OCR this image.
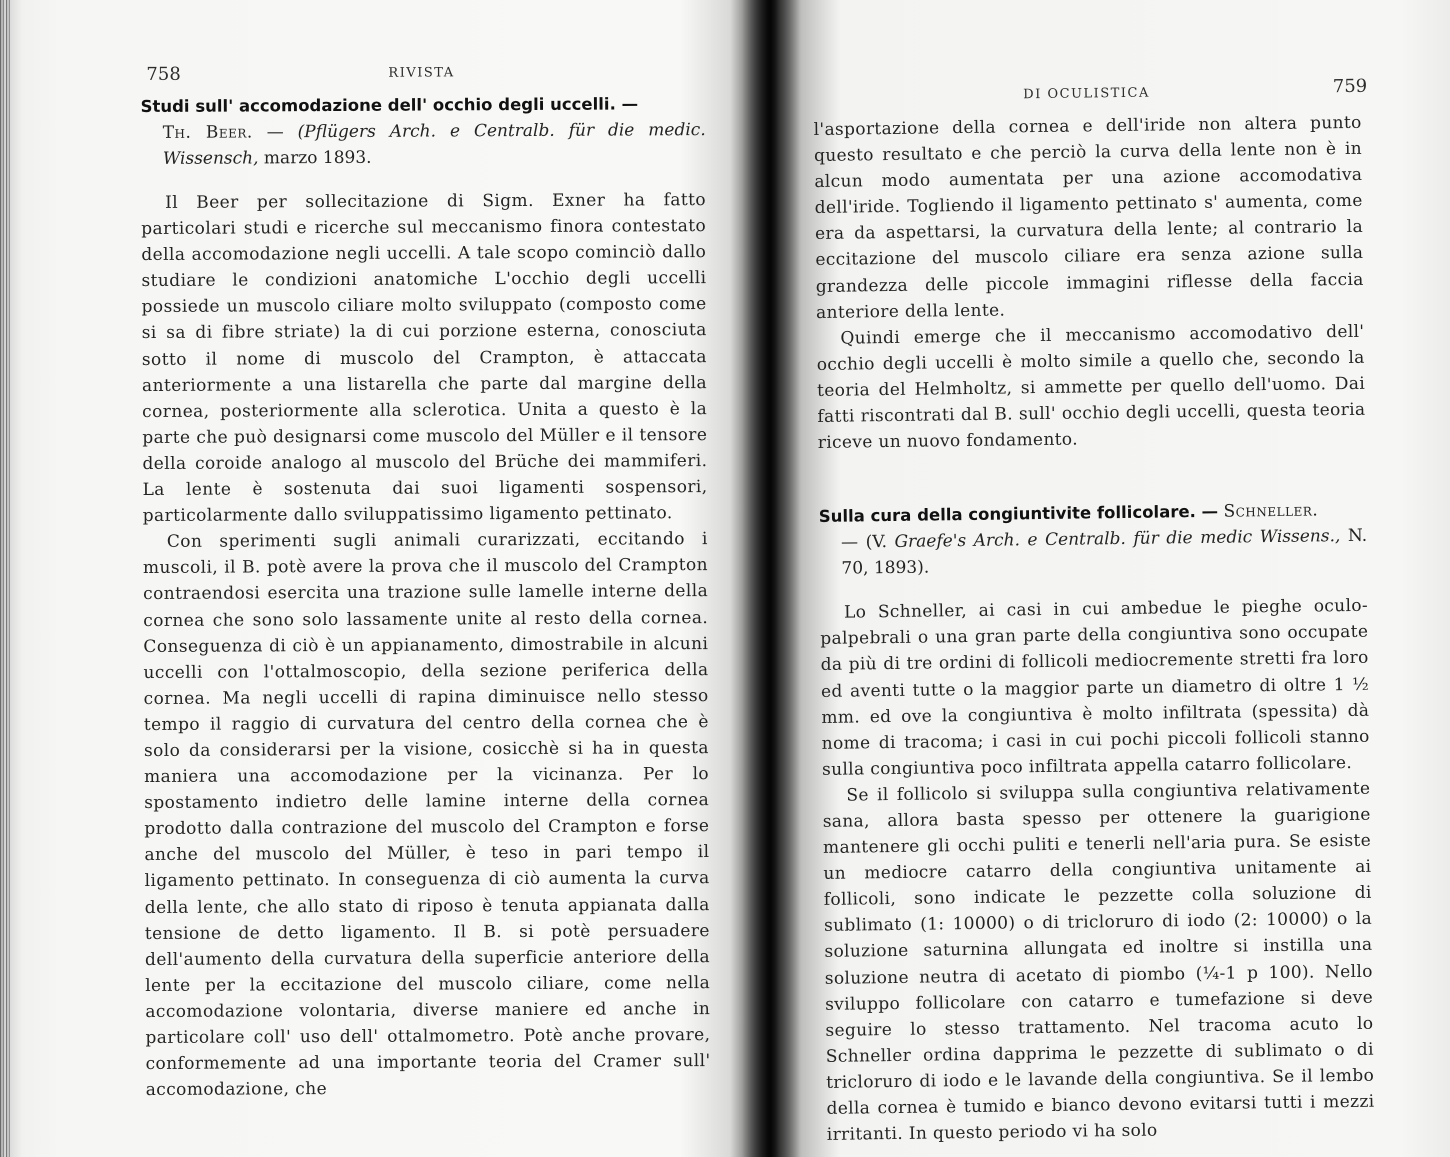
758	RIVISTA
Studi sull' accomodazione dell' occhio degli uccelli. —
Th. Beer. — (Pflügers Arch. e Centralb. für die medic. Wissensch, marzo 1893.

Il Beer per sollecitazione di Sigm. Exner ha fatto particolari studi e ricerche sul meccanismo finora contestato della accomodazione negli uccelli. A tale scopo cominciò dallo studiare le condizioni anatomiche L'occhio degli uccelli possiede un muscolo ciliare molto sviluppato (composto come si sa di fibre striate) la di cui porzione esterna, conosciuta sotto il nome di muscolo del Crampton, è attaccata anteriormente a una listarella che parte dal margine della cornea, posteriormente alla sclerotica. Unita a questo è la parte che può designarsi come muscolo del Müller e il tensore della coroide analogo al muscolo del Brüche dei mammiferi. La lente è sostenuta dai suoi ligamenti sospensori, particolarmente dallo sviluppatissimo ligamento pettinato.

Con sperimenti sugli animali curarizzati, eccitando i muscoli, il B. potè avere la prova che il muscolo del Crampton contraendosi esercita una trazione sulle lamelle interne della cornea che sono solo lassamente unite al resto della cornea. Conseguenza di ciò è un appianamento, dimostrabile in alcuni uccelli con l'ottalmoscopio, della sezione periferica della cornea. Ma negli uccelli di rapina diminuisce nello stesso tempo il raggio di curvatura del centro della cornea che è solo da considerarsi per la visione, cosicchè si ha in questa maniera una accomodazione per la vicinanza. Per lo spostamento indietro delle lamine interne della cornea prodotto dalla contrazione del muscolo del Crampton e forse anche del muscolo del Müller, è teso in pari tempo il ligamento pettinato. In conseguenza di ciò aumenta la curva della lente, che allo stato di riposo è tenuta appianata dalla tensione de detto ligamento. Il B. si potè persuadere dell'aumento della curvatura della superficie anteriore della lente per la eccitazione del muscolo ciliare, come nella accomodazione volontaria, diverse maniere ed anche in particolare coll' uso dell' ottalmometro. Potè anche provare, conformemente ad una importante teoria del Cramer sull' accomodazione, che

DI OCULISTICA	759

l'asportazione della cornea e dell'iride non altera punto questo resultato e che perciò la curva della lente non è in alcun modo aumentata per una azione accomodativa dell'iride. Togliendo il ligamento pettinato s' aumenta, come era da aspettarsi, la curvatura della lente; al contrario la eccitazione del muscolo ciliare era senza azione sulla grandezza delle piccole immagini riflesse della faccia anteriore della lente.

Quindi emerge che il meccanismo accomodativo dell' occhio degli uccelli è molto simile a quello che, secondo la teoria del Helmholtz, si ammette per quello dell'uomo. Dai fatti riscontrati dal B. sull' occhio degli uccelli, questa teoria riceve un nuovo fondamento.

Sulla cura della congiuntivite follicolare. — Schneller.
— (V. Graefe's Arch. e Centralb. für die medic Wissens., N. 70, 1893).

Lo Schneller, ai casi in cui ambedue le pieghe oculo-palpebrali o una gran parte della congiuntiva sono occupate da più di tre ordini di follicoli mediocremente stretti fra loro ed aventi tutte o la maggior parte un diametro di oltre 1 ½ mm. ed ove la congiuntiva è molto infiltrata (spessita) dà nome di tracoma; i casi in cui pochi piccoli follicoli stanno sulla congiuntiva poco infiltrata appella catarro follicolare.

Se il follicolo si sviluppa sulla congiuntiva relativamente sana, allora basta spesso per ottenere la guarigione mantenere gli occhi puliti e tenerli nell'aria pura. Se esiste un mediocre catarro della congiuntiva unitamente ai follicoli, sono indicate le pezzette colla soluzione di sublimato (1: 10000) o di tricloruro di iodo (2: 10000) o la soluzione saturnina allungata ed inoltre si instilla una soluzione neutra di acetato di piombo (¼-1 p 100). Nello sviluppo follicolare con catarro e tumefazione si deve seguire lo stesso trattamento. Nel tracoma acuto lo Schneller ordina dapprima le pezzette di sublimato o di tricloruro di iodo e le lavande della congiuntiva. Se il lembo della cornea è tumido e bianco devono evitarsi tutti i mezzi irritanti. In questo periodo vi ha solo
